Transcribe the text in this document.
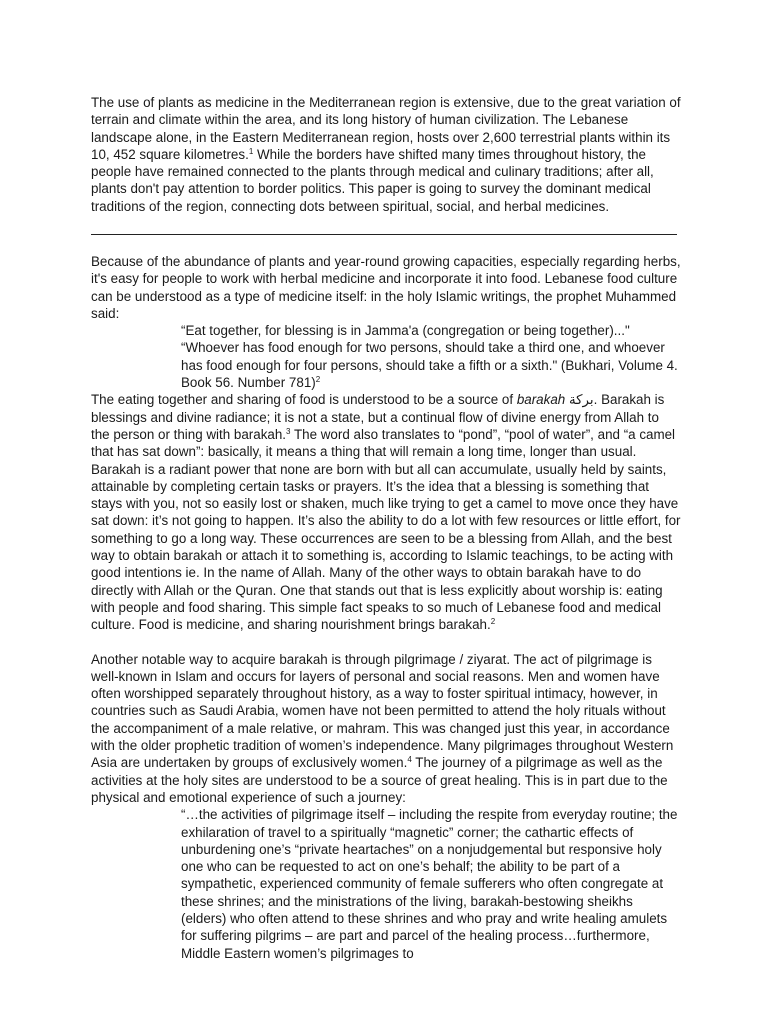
The use of plants as medicine in the Mediterranean region is extensive, due to the great variation of terrain and climate within the area, and its long history of human civilization. The Lebanese landscape alone, in the Eastern Mediterranean region, hosts over 2,600 terrestrial plants within its 10, 452 square kilometres.$^1$ While the borders have shifted many times throughout history, the people have remained connected to the plants through medical and culinary traditions; after all, plants don't pay attention to border politics. This paper is going to survey the dominant medical traditions of the region, connecting dots between spiritual, social, and herbal medicines.

Because of the abundance of plants and year-round growing capacities, especially regarding herbs, it's easy for people to work with herbal medicine and incorporate it into food. Lebanese food culture can be understood as a type of medicine itself: in the holy Islamic writings, the prophet Muhammed said:

“Eat together, for blessing is in Jamma'a (congregation or being together)..."

“Whoever has food enough for two persons, should take a third one, and whoever has food enough for four persons, should take a fifth or a sixth." (Bukhari, Volume 4. Book 56. Number 781)$^2$

The eating together and sharing of food is understood to be a source of barakah بركة. Barakah is blessings and divine radiance; it is not a state, but a continual flow of divine energy from Allah to the person or thing with barakah.$^3$ The word also translates to “pond”, “pool of water”, and “a camel that has sat down”: basically, it means a thing that will remain a long time, longer than usual. Barakah is a radiant power that none are born with but all can accumulate, usually held by saints, attainable by completing certain tasks or prayers. It’s the idea that a blessing is something that stays with you, not so easily lost or shaken, much like trying to get a camel to move once they have sat down: it’s not going to happen. It’s also the ability to do a lot with few resources or little effort, for something to go a long way. These occurrences are seen to be a blessing from Allah, and the best way to obtain barakah or attach it to something is, according to Islamic teachings, to be acting with good intentions ie. In the name of Allah. Many of the other ways to obtain barakah have to do directly with Allah or the Quran. One that stands out that is less explicitly about worship is: eating with people and food sharing. This simple fact speaks to so much of Lebanese food and medical culture. Food is medicine, and sharing nourishment brings barakah.$^2$

Another notable way to acquire barakah is through pilgrimage / ziyarat. The act of pilgrimage is well-known in Islam and occurs for layers of personal and social reasons. Men and women have often worshipped separately throughout history, as a way to foster spiritual intimacy, however, in countries such as Saudi Arabia, women have not been permitted to attend the holy rituals without the accompaniment of a male relative, or mahram. This was changed just this year, in accordance with the older prophetic tradition of women’s independence. Many pilgrimages throughout Western Asia are undertaken by groups of exclusively women.$^4$ The journey of a pilgrimage as well as the activities at the holy sites are understood to be a source of great healing. This is in part due to the physical and emotional experience of such a journey:

“…the activities of pilgrimage itself – including the respite from everyday routine; the exhilaration of travel to a spiritually “magnetic” corner; the cathartic effects of unburdening one’s “private heartaches” on a nonjudgemental but responsive holy one who can be requested to act on one’s behalf; the ability to be part of a sympathetic, experienced community of female sufferers who often congregate at these shrines; and the ministrations of the living, barakah-bestowing sheikhs (elders) who often attend to these shrines and who pray and write healing amulets for suffering pilgrims – are part and parcel of the healing process…furthermore, Middle Eastern women’s pilgrimages to
